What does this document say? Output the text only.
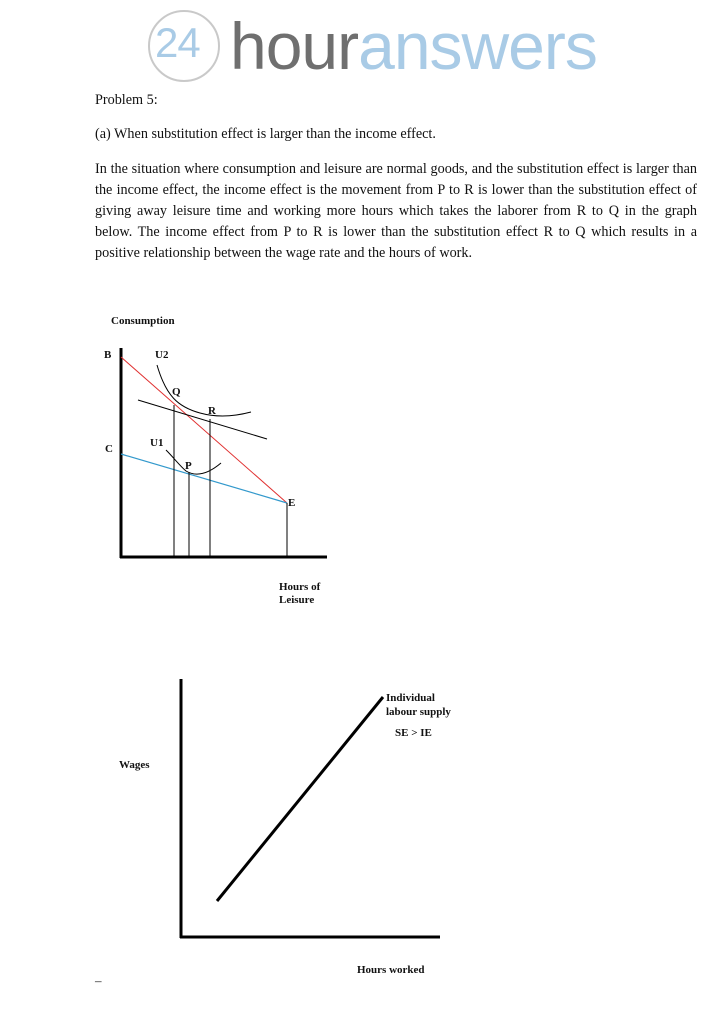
24 houranswers
Problem 5:
(a) When substitution effect is larger than the income effect.
In the situation where consumption and leisure are normal goods, and the substitution effect is larger than the income effect, the income effect is the movement from P to R is lower than the substitution effect of giving away leisure time and working more hours which takes the laborer from R to Q in the graph below. The income effect from P to R is lower than the substitution effect R to Q which results in a positive relationship between the wage rate and the hours of work.
Consumption
B
C
U2
U1
Q
R
P
E
Hours of
Leisure
Wages
Individual
labour supply
SE > IE
Hours worked
–
